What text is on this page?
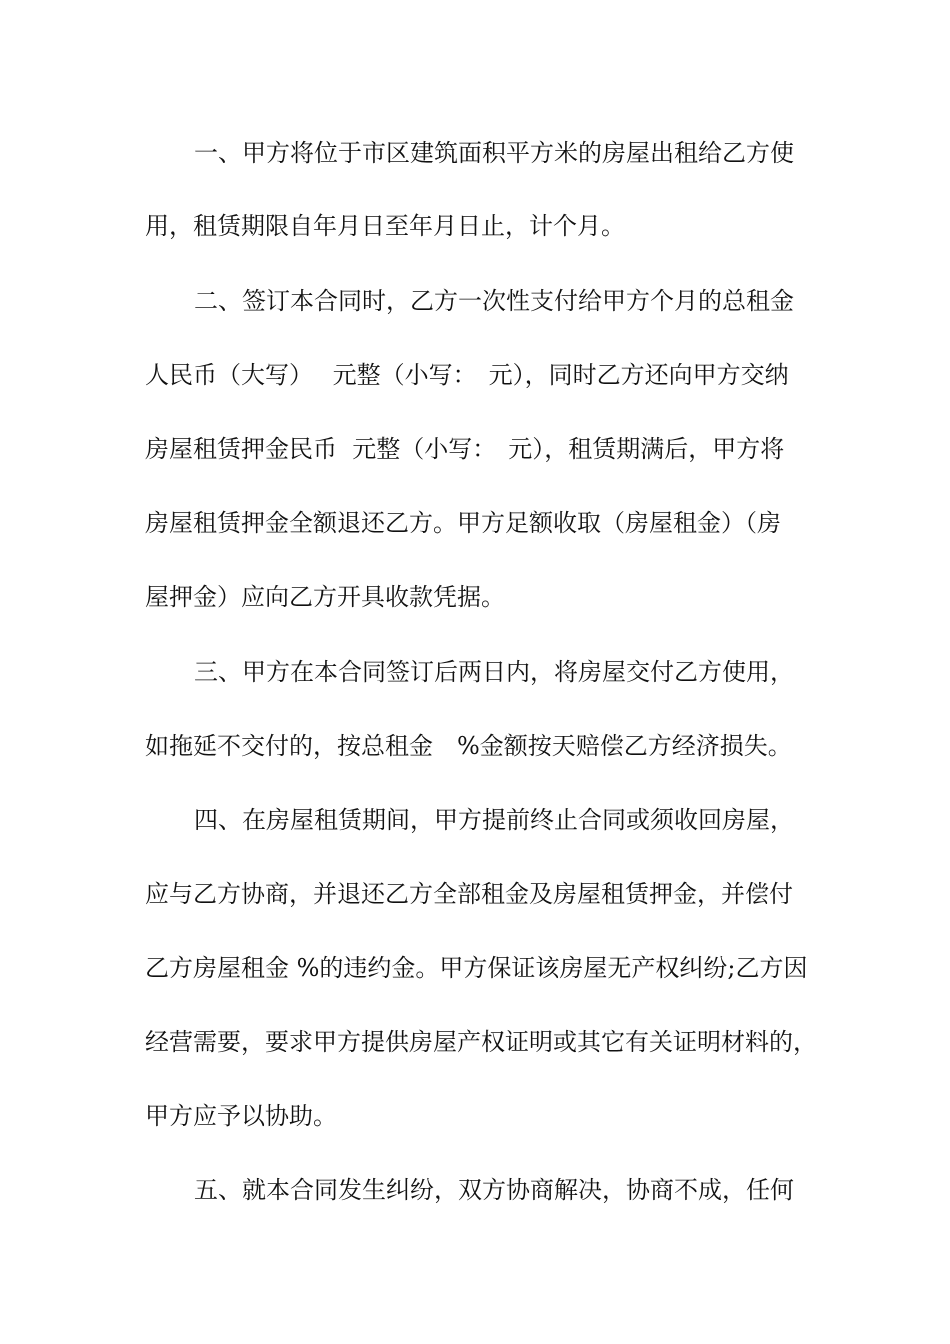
一、甲方将位于市区建筑面积平方米的房屋出租给乙方使
用，租赁期限自年月日至年月日止，计个月。
二、签订本合同时，乙方一次性支付给甲方个月的总租金
人民币（大写）　 元整（小写：　元），同时乙方还向甲方交纳
房屋租赁押金民币  元整（小写：　元），租赁期满后，甲方将
房屋租赁押金全额退还乙方。甲方足额收取（房屋租金）（房
屋押金）应向乙方开具收款凭据。
三、甲方在本合同签订后两日内，将房屋交付乙方使用，
如拖延不交付的，按总租金　%金额按天赔偿乙方经济损失。
四、在房屋租赁期间，甲方提前终止合同或须收回房屋，
应与乙方协商，并退还乙方全部租金及房屋租赁押金，并偿付
乙方房屋租金 %的违约金。甲方保证该房屋无产权纠纷;乙方因
经营需要，要求甲方提供房屋产权证明或其它有关证明材料的，
甲方应予以协助。
五、就本合同发生纠纷，双方协商解决，协商不成，任何
